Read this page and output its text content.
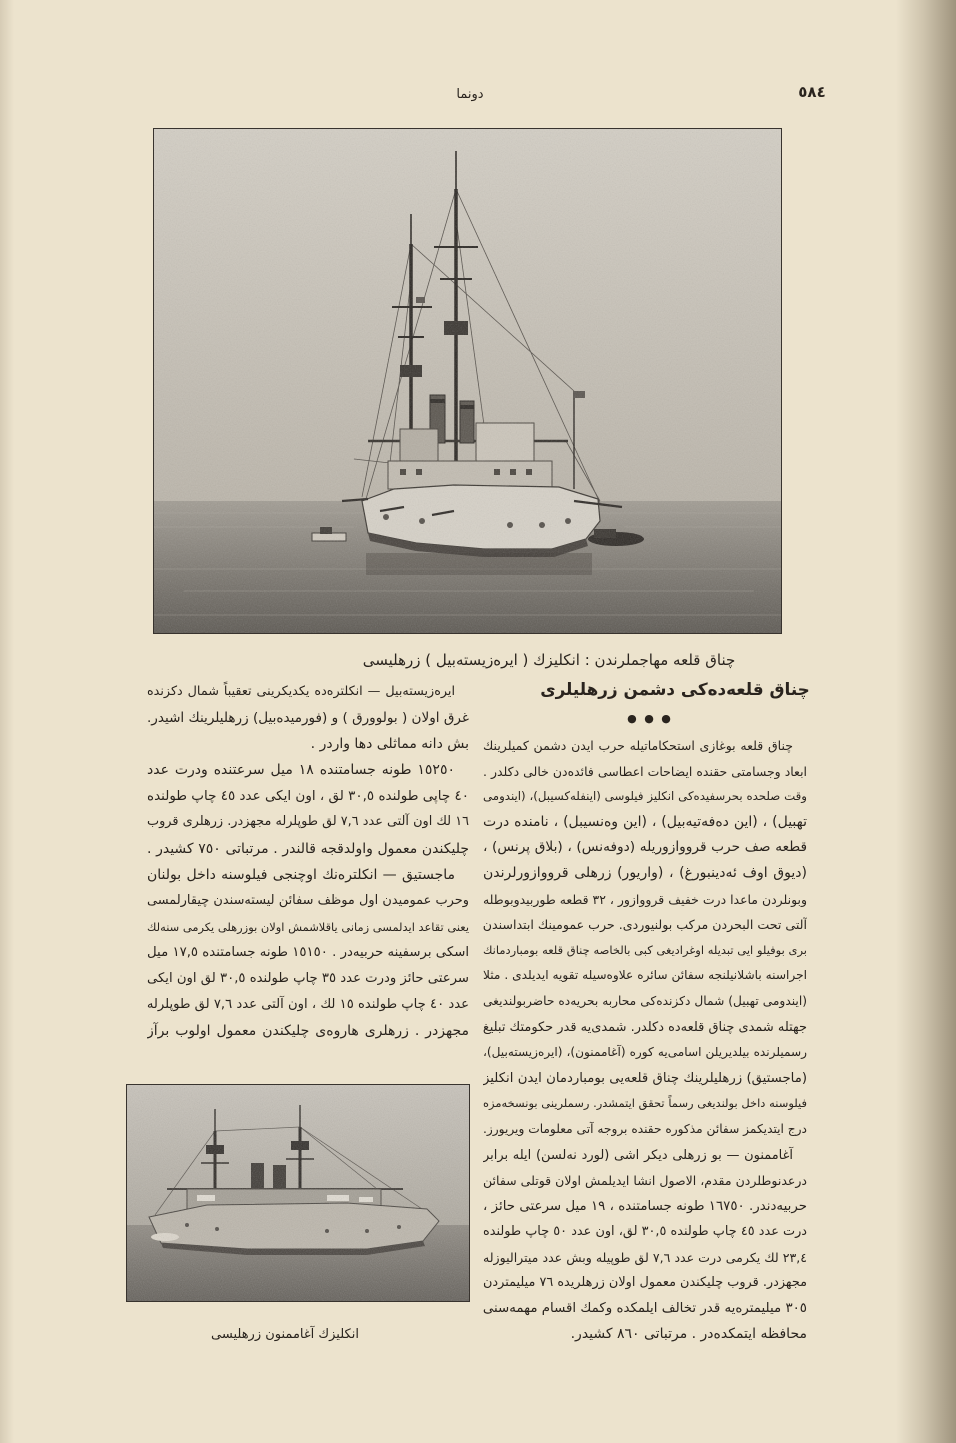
دونما	٥٨٤
چناق قلعه مهاجملرندن : انكلیزك ( ایره‌زیسته‌بیل ) زرهلیسی
چناق قلعه‌ده‌كی دشمن زرهلیلری
● ● ●
چناق قلعه بوغازی استحكاماتیله حرب ایدن دشمن كمیلرینك
ابعاد وجسامتی حقنده ایضاحات اعطاسی فائده‌دن خالی دكلدر .
وقت صلحده بحرسفیده‌كی انكلیز فیلوسی (اینفله‌كسیبل)، (ایندومی
تهبیل) ، (این ده‌فه‌تیه‌بیل) ، (این وه‌نسیبل) ، نامنده درت
قطعه صف حرب قرووازوریله (دوفه‌نس) ، (بلاق پرنس) ،
(دیوق اوف ئه‌دینبورغ) ، (واریور) زرهلی قرووازورلرندن
وبونلردن ماعدا درت خفیف قرووازور ، ٣٢ قطعه طوربیدوبوطله
آلتی تحت البحردن مركب بولنیوردی. حرب عمومینك ابتداسندن
بری بوفیلو ایی تبدیله اوغرادیغی كبی بالخاصه چناق قلعه بومباردمانك
اجراسنه باشلانیلنجه سفائن سائره علاوه‌سیله تقویه ایدیلدی . مثلا
(ایندومی تهبیل) شمال دكزنده‌كی محاربه بحریه‌ده حاضربولندیغی
جهتله شمدی چناق قلعه‌ده دكلدر. شمدی‌یه قدر حكومتك تبلیغ
رسمیلرنده بیلدیریلن اسامی‌یه كوره (آغاممنون)، (ایره‌زیسته‌بیل)،
(ماجستیق) زرهلیلرینك چناق قلعه‌یی بومباردمان ایدن انكلیز
فیلوسنه داخل بولندیغی رسماً تحقق ایتمشدر. رسملرینی بونسخه‌مزه
درج ایتدیكمز سفائن مذكوره حقنده بروجه آتی معلومات ویریورز.
آغاممنون — بو زرهلی دیكر اشی (لورد نه‌لسن) ایله برابر
درعدنوطلردن مقدم، الاصول انشا ایدیلمش اولان قوتلی سفائن
حربیه‌دندر. ١٦٧٥٠ طونه جسامتنده ، ١٩ میل سرعتی حائز ،
درت عدد ٤٥ چاپ طولنده ٣٠,٥ لق، اون عدد ٥٠ چاپ طولنده
٢٣,٤ لك یكرمی درت عدد ٧,٦ لق طوپیله وبش عدد میترالیوزله
مجهزدر. قروب چلیكندن معمول اولان زرهلریده ٧٦ میلیمتردن
٣٠٥ میلیمتره‌یه قدر تخالف ایلمكده وكمك اقسام مهمه‌سنی
محافظه ایتمكده‌در . مرتباتی ٨٦٠ كشیدر.
ایره‌زیسته‌بیل — انكلتره‌ده یكدیكرینی تعقیباً شمال دكزنده
غرق اولان ( بولوورق ) و (فورمیده‌بیل) زرهلیلرینك اشیدر.
بش دانه مماثلی دها واردر .
١٥٢٥٠ طونه جسامتنده ١٨ میل سرعتنده ودرت عدد
٤٠ چاپی طولنده ٣٠,٥ لق ، اون ایكی عدد ٤٥ چاپ طولنده
١٦ لك اون آلتی عدد ٧,٦ لق طوپلرله مجهزدر. زرهلری قروب
چلیكندن معمول واولدقجه قالندر . مرتباتی ٧٥٠ كشیدر .
ماجستیق — انكلتره‌نك اوچنجی فیلوسنه داخل بولنان
وحرب عمومیدن اول موظف سفائن لیسته‌سندن چیقارلمسی
یعنی تقاعد ایدلمسی زمانی یاقلاشمش اولان بوزرهلی یكرمی سنه‌لك
اسكی برسفینه حربیه‌در . ١٥١٥٠ طونه جسامتنده ١٧,٥ میل
سرعتی حائز ودرت عدد ٣٥ چاپ طولنده ٣٠,٥ لق اون ایكی
عدد ٤٠ چاپ طولنده ١٥ لك ، اون آلتی عدد ٧,٦ لق طوپلرله
مجهزدر . زرهلری هاروه‌ی چلیكندن معمول اولوب برآز
انكلیزك آغاممنون زرهلیسی
